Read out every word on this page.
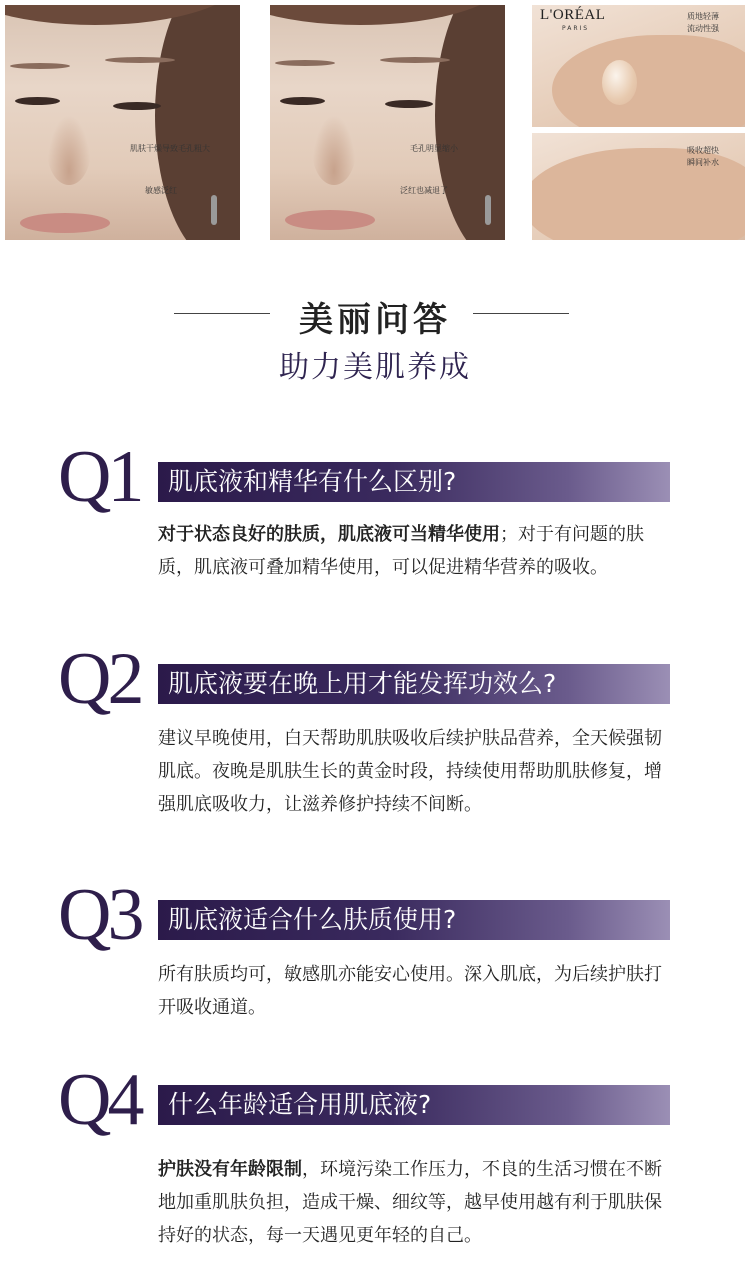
肌肤干燥导致毛孔粗大
敏感泛红
毛孔明显缩小
泛红也减退了
L'ORÉAL
PARIS
质地轻薄
流动性强
吸收超快
瞬间补水
美丽问答
助力美肌养成
Q1 肌底液和精华有什么区别?
对于状态良好的肤质，肌底液可当精华使用；对于有问题的肤质，肌底液可叠加精华使用，可以促进精华营养的吸收。
Q2 肌底液要在晚上用才能发挥功效么?
建议早晚使用，白天帮助肌肤吸收后续护肤品营养，全天候强韧肌底。夜晚是肌肤生长的黄金时段，持续使用帮助肌肤修复，增强肌底吸收力，让滋养修护持续不间断。
Q3 肌底液适合什么肤质使用?
所有肤质均可，敏感肌亦能安心使用。深入肌底，为后续护肤打开吸收通道。
Q4 什么年龄适合用肌底液?
护肤没有年龄限制，环境污染工作压力，不良的生活习惯在不断地加重肌肤负担，造成干燥、细纹等，越早使用越有利于肌肤保持好的状态，每一天遇见更年轻的自己。
